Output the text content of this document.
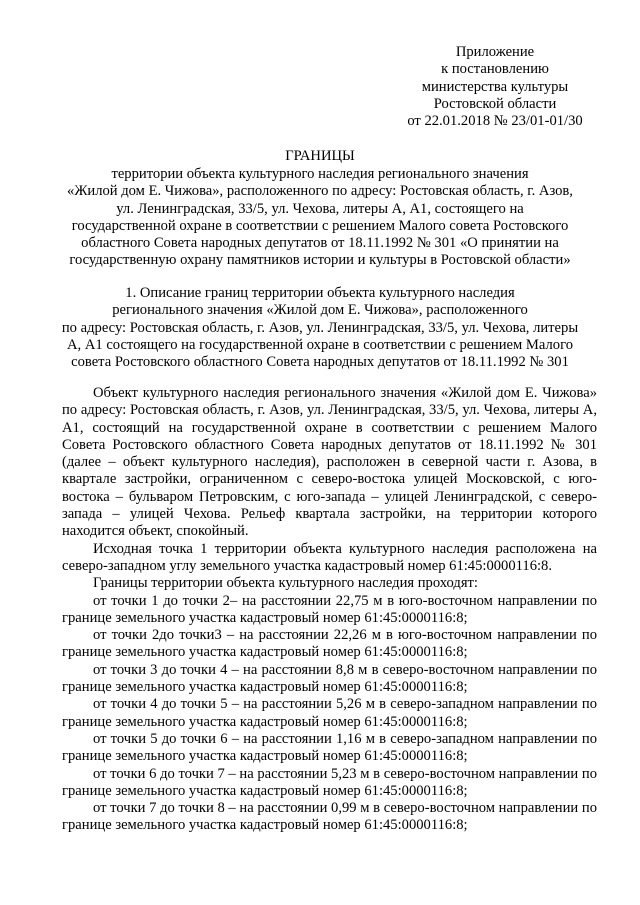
Приложение
к постановлению
министерства культуры
Ростовской области
от 22.01.2018 № 23/01-01/30
ГРАНИЦЫ
территории объекта культурного наследия регионального значения
«Жилой дом Е. Чижова», расположенного по адресу: Ростовская область, г. Азов,
ул. Ленинградская, 33/5, ул. Чехова, литеры А, А1, состоящего на
государственной охране в соответствии с решением Малого совета Ростовского
областного Совета народных депутатов от 18.11.1992 № 301 «О принятии на
государственную охрану памятников истории и культуры в Ростовской области»
1. Описание границ территории объекта культурного наследия
регионального значения «Жилой дом Е. Чижова», расположенного
по адресу: Ростовская область, г. Азов, ул. Ленинградская, 33/5, ул. Чехова, литеры
А, А1 состоящего на государственной охране в соответствии с решением Малого
совета Ростовского областного Совета народных депутатов от 18.11.1992 № 301

Объект культурного наследия регионального значения «Жилой дом Е. Чижова» по адресу: Ростовская область, г. Азов, ул. Ленинградская, 33/5, ул. Чехова, литеры А, А1, состоящий на государственной охране в соответствии с решением Малого Совета Ростовского областного Совета народных депутатов от 18.11.1992 № 301 (далее – объект культурного наследия), расположен в северной части г. Азова, в квартале застройки, ограниченном с северо-востока улицей Московской, с юго-востока – бульваром Петровским, с юго-запада – улицей Ленинградской, с северо-запада – улицей Чехова. Рельеф квартала застройки, на территории которого находится объект, спокойный.

Исходная точка 1 территории объекта культурного наследия расположена на северо-западном углу земельного участка кадастровый номер 61:45:0000116:8.

Границы территории объекта культурного наследия проходят:

от точки 1 до точки 2– на расстоянии 22,75 м в юго-восточном направлении по границе земельного участка кадастровый номер 61:45:0000116:8;

от точки 2до точки3 – на расстоянии 22,26 м в юго-восточном направлении по границе земельного участка кадастровый номер 61:45:0000116:8;

от точки 3 до точки 4 – на расстоянии 8,8 м в северо-восточном направлении по границе земельного участка кадастровый номер 61:45:0000116:8;

от точки 4 до точки 5 – на расстоянии 5,26 м в северо-западном направлении по границе земельного участка кадастровый номер 61:45:0000116:8;

от точки 5 до точки 6 – на расстоянии 1,16 м в северо-западном направлении по границе земельного участка кадастровый номер 61:45:0000116:8;

от точки 6 до точки 7 – на расстоянии 5,23 м в северо-восточном направлении по границе земельного участка кадастровый номер 61:45:0000116:8;

от точки 7 до точки 8 – на расстоянии 0,99 м в северо-восточном направлении по границе земельного участка кадастровый номер 61:45:0000116:8;
